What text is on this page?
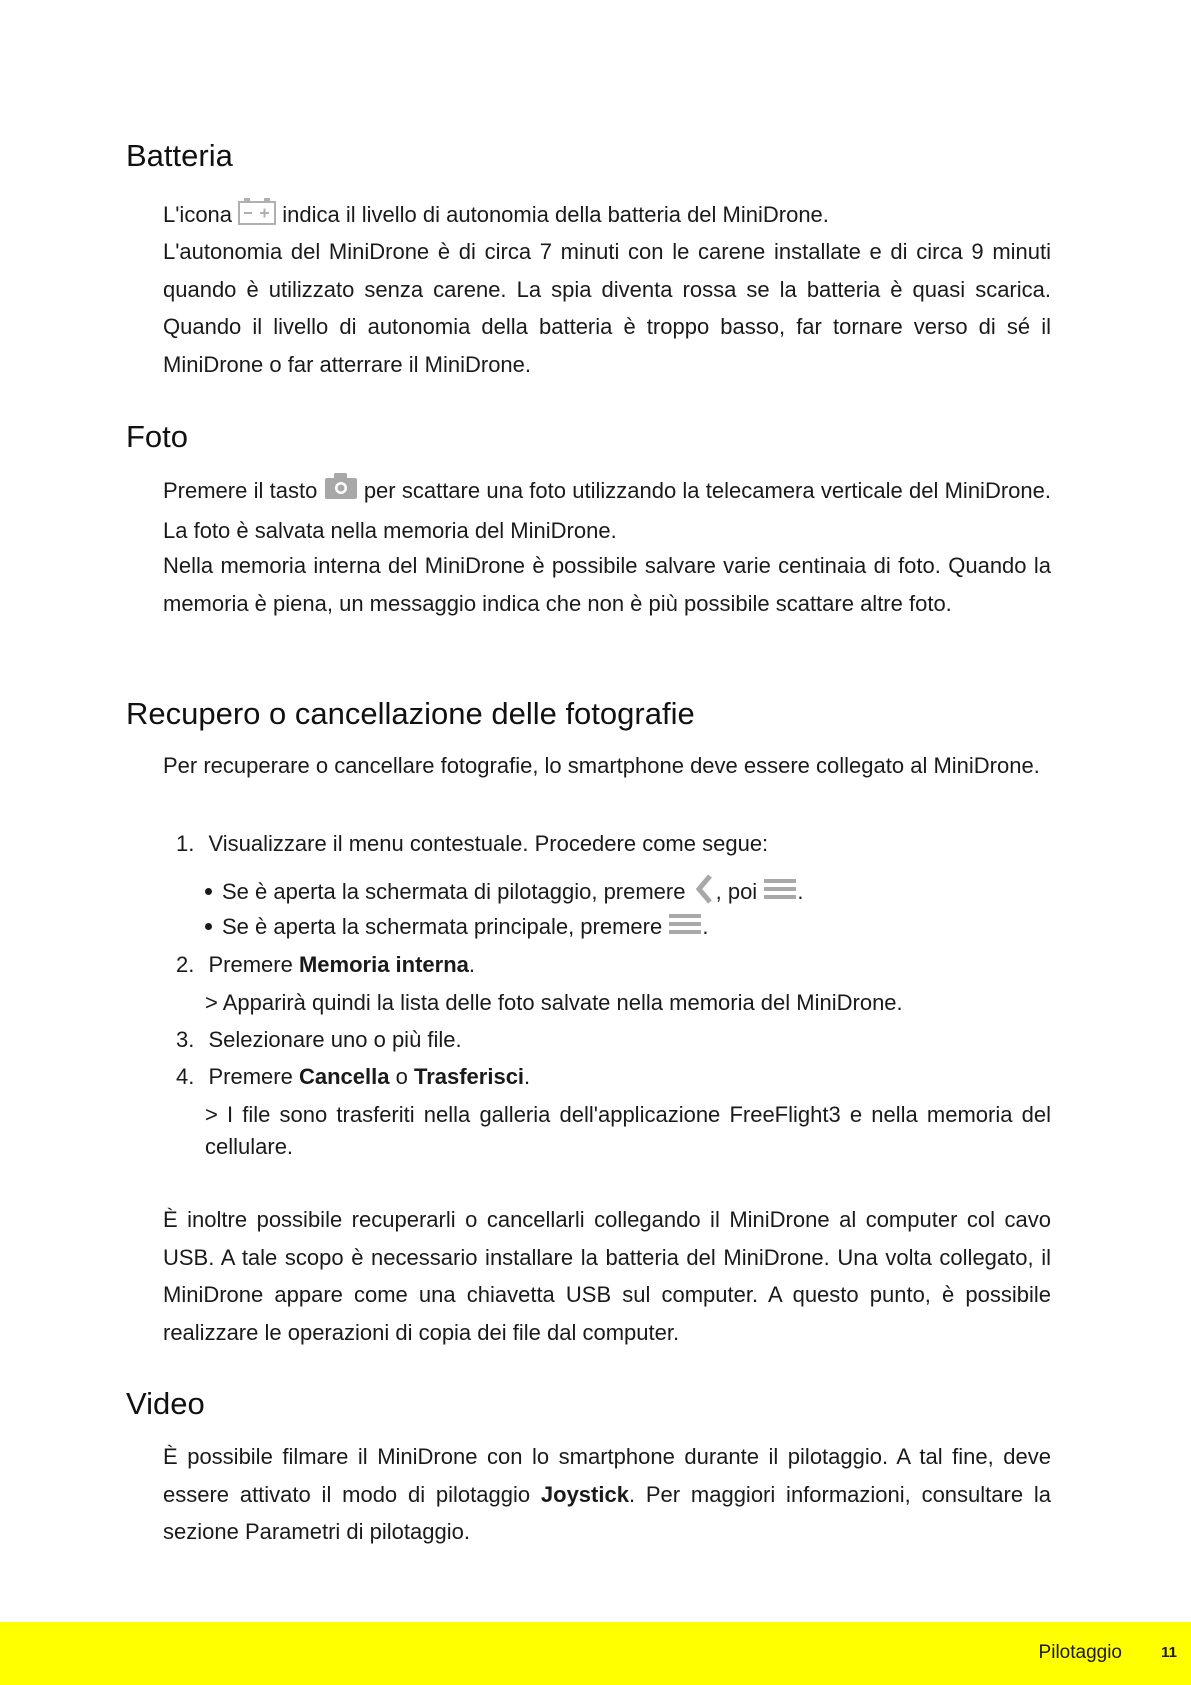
Batteria

L'icona indica il livello di autonomia della batteria del MiniDrone.

L'autonomia del MiniDrone è di circa 7 minuti con le carene installate e di circa 9 minuti quando è utilizzato senza carene. La spia diventa rossa se la batteria è quasi scarica. Quando il livello di autonomia della batteria è troppo basso, far tornare verso di sé il MiniDrone o far atterrare il MiniDrone.

Foto

Premere il tasto per scattare una foto utilizzando la telecamera verticale del MiniDrone. La foto è salvata nella memoria del MiniDrone.

Nella memoria interna del MiniDrone è possibile salvare varie centinaia di foto. Quando la memoria è piena, un messaggio indica che non è più possibile scattare altre foto.

Recupero o cancellazione delle fotografie

Per recuperare o cancellare fotografie, lo smartphone deve essere collegato al MiniDrone.

1. Visualizzare il menu contestuale. Procedere come segue:
Se è aperta la schermata di pilotaggio, premere , poi .
Se è aperta la schermata principale, premere .
2. Premere Memoria interna.
> Apparirà quindi la lista delle foto salvate nella memoria del MiniDrone.
3. Selezionare uno o più file.
4. Premere Cancella o Trasferisci.

> I file sono trasferiti nella galleria dell'applicazione FreeFlight3 e nella memoria del cellulare.

È inoltre possibile recuperarli o cancellarli collegando il MiniDrone al computer col cavo USB. A tale scopo è necessario installare la batteria del MiniDrone. Una volta collegato, il MiniDrone appare come una chiavetta USB sul computer. A questo punto, è possibile realizzare le operazioni di copia dei file dal computer.

Video

È possibile filmare il MiniDrone con lo smartphone durante il pilotaggio. A tal fine, deve essere attivato il modo di pilotaggio Joystick. Per maggiori informazioni, consultare la sezione Parametri di pilotaggio.

Pilotaggio	11
